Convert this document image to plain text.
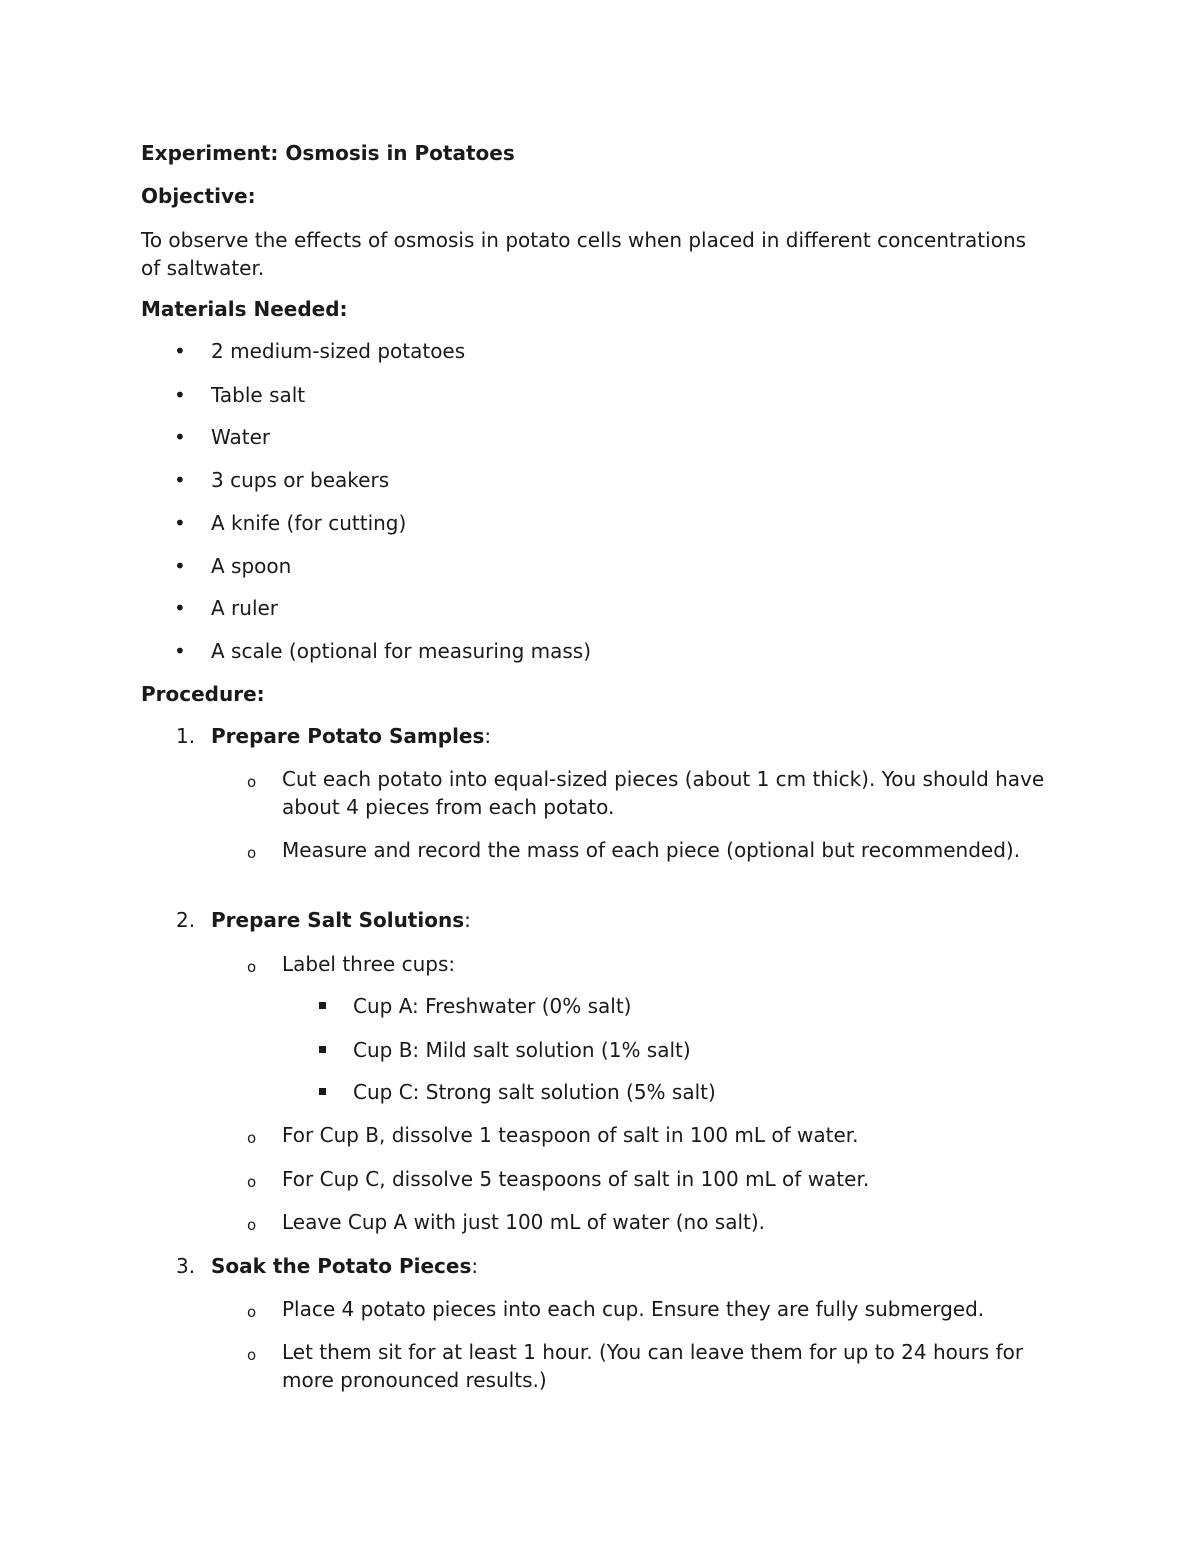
Experiment: Osmosis in Potatoes
Objective:
To observe the effects of osmosis in potato cells when placed in different concentrations of saltwater.
Materials Needed:
• 2 medium-sized potatoes
• Table salt
• Water
• 3 cups or beakers
• A knife (for cutting)
• A spoon
• A ruler
• A scale (optional for measuring mass)
Procedure:
1. Prepare Potato Samples:
o Cut each potato into equal-sized pieces (about 1 cm thick). You should have about 4 pieces from each potato.
o Measure and record the mass of each piece (optional but recommended).
2. Prepare Salt Solutions:
o Label three cups:
Cup A: Freshwater (0% salt)
Cup B: Mild salt solution (1% salt)
Cup C: Strong salt solution (5% salt)
o For Cup B, dissolve 1 teaspoon of salt in 100 mL of water.
o For Cup C, dissolve 5 teaspoons of salt in 100 mL of water.
o Leave Cup A with just 100 mL of water (no salt).
3. Soak the Potato Pieces:
o Place 4 potato pieces into each cup. Ensure they are fully submerged.
o Let them sit for at least 1 hour. (You can leave them for up to 24 hours for more pronounced results.)
